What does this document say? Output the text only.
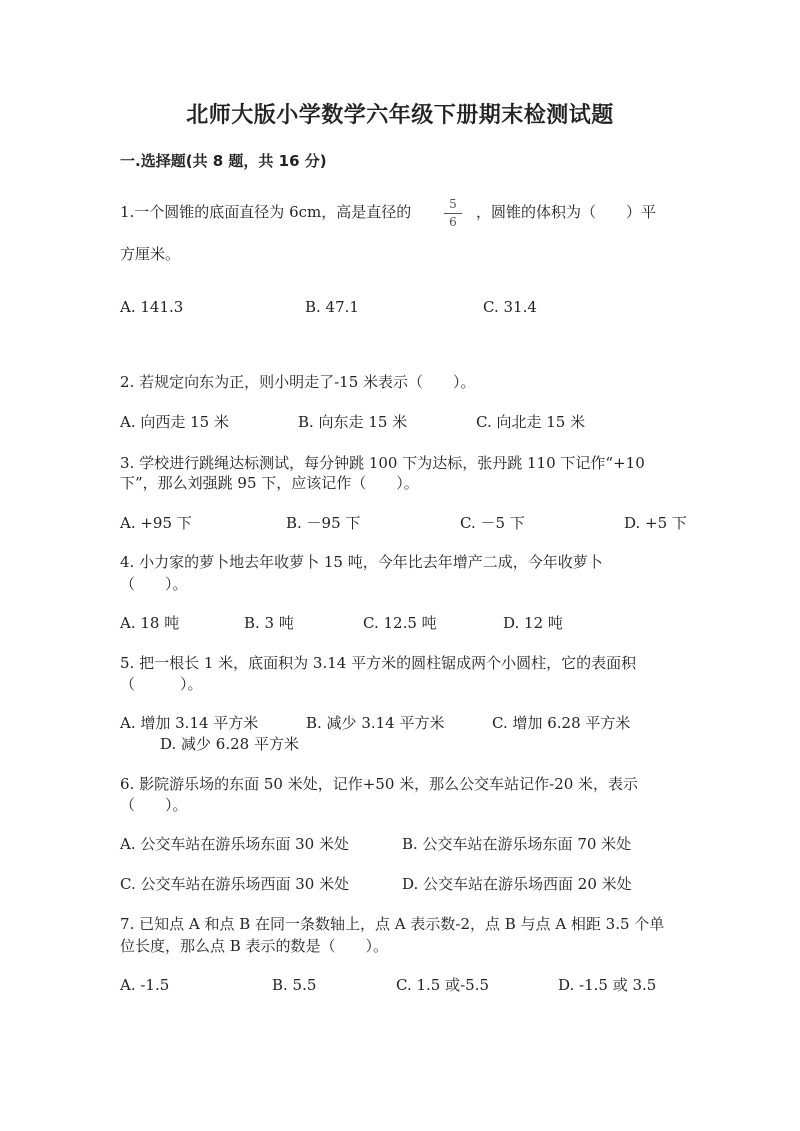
北师大版小学数学六年级下册期末检测试题
一.选择题(共 8 题，共 16 分)
1.一个圆锥的底面直径为 6cm，高是直径的	5
6
，圆锥的体积为（　　）平
方厘米。
A. 141.3	B. 47.1	C. 31.4
2. 若规定向东为正，则小明走了-15 米表示（　　）。
A. 向西走 15 米	B. 向东走 15 米	C. 向北走 15 米
3. 学校进行跳绳达标测试，每分钟跳 100 下为达标，张丹跳 110 下记作“+10
下”，那么刘强跳 95 下，应该记作（　　）。
A. +95 下	B. －95 下	C. －5 下	D. +5 下
4. 小力家的萝卜地去年收萝卜 15 吨，今年比去年增产二成，今年收萝卜
（　　）。
A. 18 吨	B. 3 吨	C. 12.5 吨	D. 12 吨
5. 把一根长 1 米，底面积为 3.14 平方米的圆柱锯成两个小圆柱，它的表面积
（　　　）。
A. 增加 3.14 平方米	B. 减少 3.14 平方米	C. 增加 6.28 平方米
D. 减少 6.28 平方米
6. 影院游乐场的东面 50 米处，记作+50 米，那么公交车站记作-20 米，表示
（　　）。
A. 公交车站在游乐场东面 30 米处	B. 公交车站在游乐场东面 70 米处
C. 公交车站在游乐场西面 30 米处	D. 公交车站在游乐场西面 20 米处
7. 已知点 A 和点 B 在同一条数轴上，点 A 表示数-2，点 B 与点 A 相距 3.5 个单
位长度，那么点 B 表示的数是（　　）。
A. -1.5	B. 5.5	C. 1.5 或-5.5	D. -1.5 或 3.5
